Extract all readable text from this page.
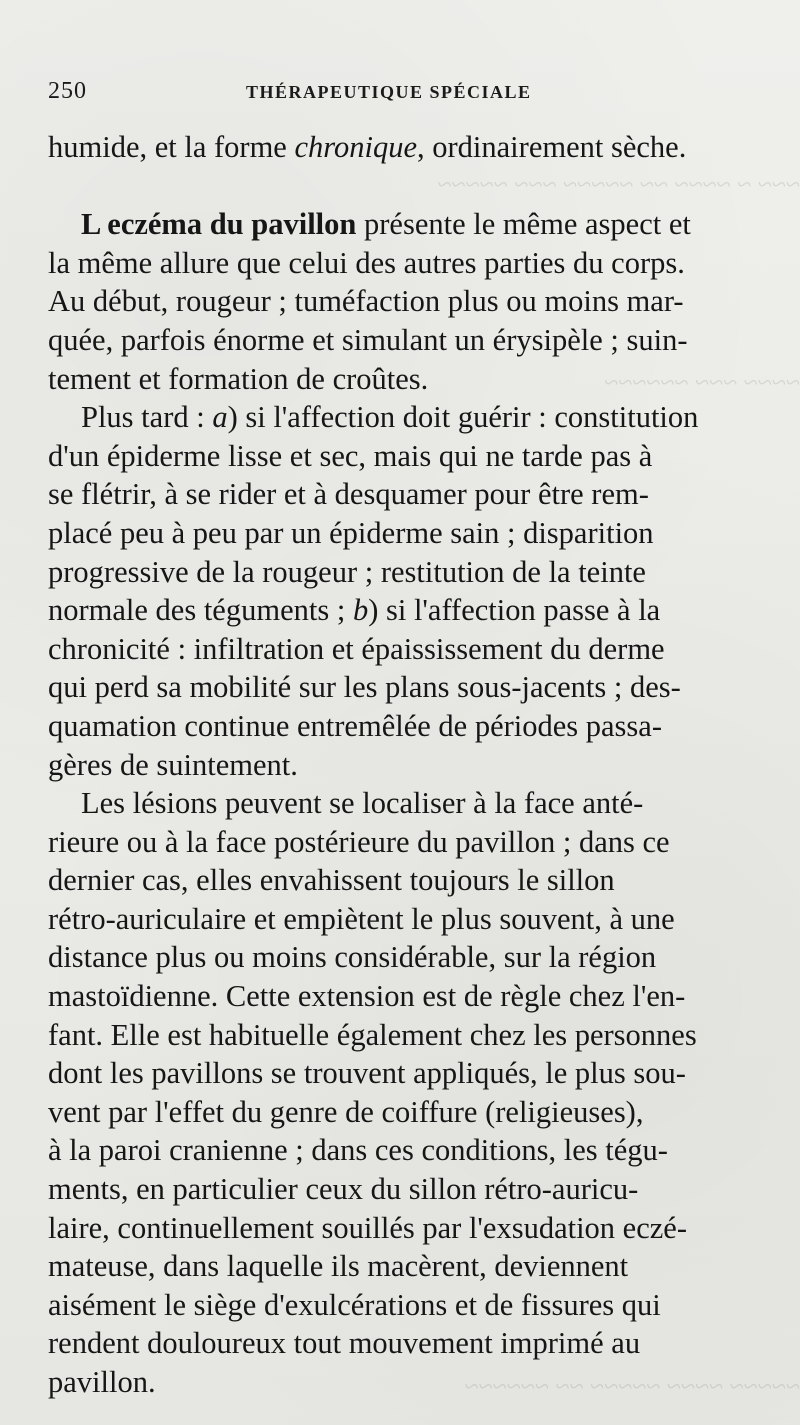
~~~ ~ ~~~~ ~~ ~~~~~ ~~~ ~~~~~
~~~~ ~~~ ~~~~~~
~~~~~ ~~~~ ~~~~~ ~~ ~~~~~~
250	THÉRAPEUTIQUE SPÉCIALE
humide, et la forme chronique, ordinairement sèche.
L eczéma du pavillon présente le même aspect et
la même allure que celui des autres parties du corps.
Au début, rougeur ; tuméfaction plus ou moins mar-
quée, parfois énorme et simulant un érysipèle ; suin-
tement et formation de croûtes.
Plus tard : a) si l'affection doit guérir : constitution
d'un épiderme lisse et sec, mais qui ne tarde pas à
se flétrir, à se rider et à desquamer pour être rem-
placé peu à peu par un épiderme sain ; disparition
progressive de la rougeur ; restitution de la teinte
normale des téguments ; b) si l'affection passe à la
chronicité : infiltration et épaississement du derme
qui perd sa mobilité sur les plans sous-jacents ; des-
quamation continue entremêlée de périodes passa-
gères de suintement.
Les lésions peuvent se localiser à la face anté-
rieure ou à la face postérieure du pavillon ; dans ce
dernier cas, elles envahissent toujours le sillon
rétro-auriculaire et empiètent le plus souvent, à une
distance plus ou moins considérable, sur la région
mastoïdienne. Cette extension est de règle chez l'en-
fant. Elle est habituelle également chez les personnes
dont les pavillons se trouvent appliqués, le plus sou-
vent par l'effet du genre de coiffure (religieuses),
à la paroi cranienne ; dans ces conditions, les tégu-
ments, en particulier ceux du sillon rétro-auricu-
laire, continuellement souillés par l'exsudation eczé-
mateuse, dans laquelle ils macèrent, deviennent
aisément le siège d'exulcérations et de fissures qui
rendent douloureux tout mouvement imprimé au
pavillon.
